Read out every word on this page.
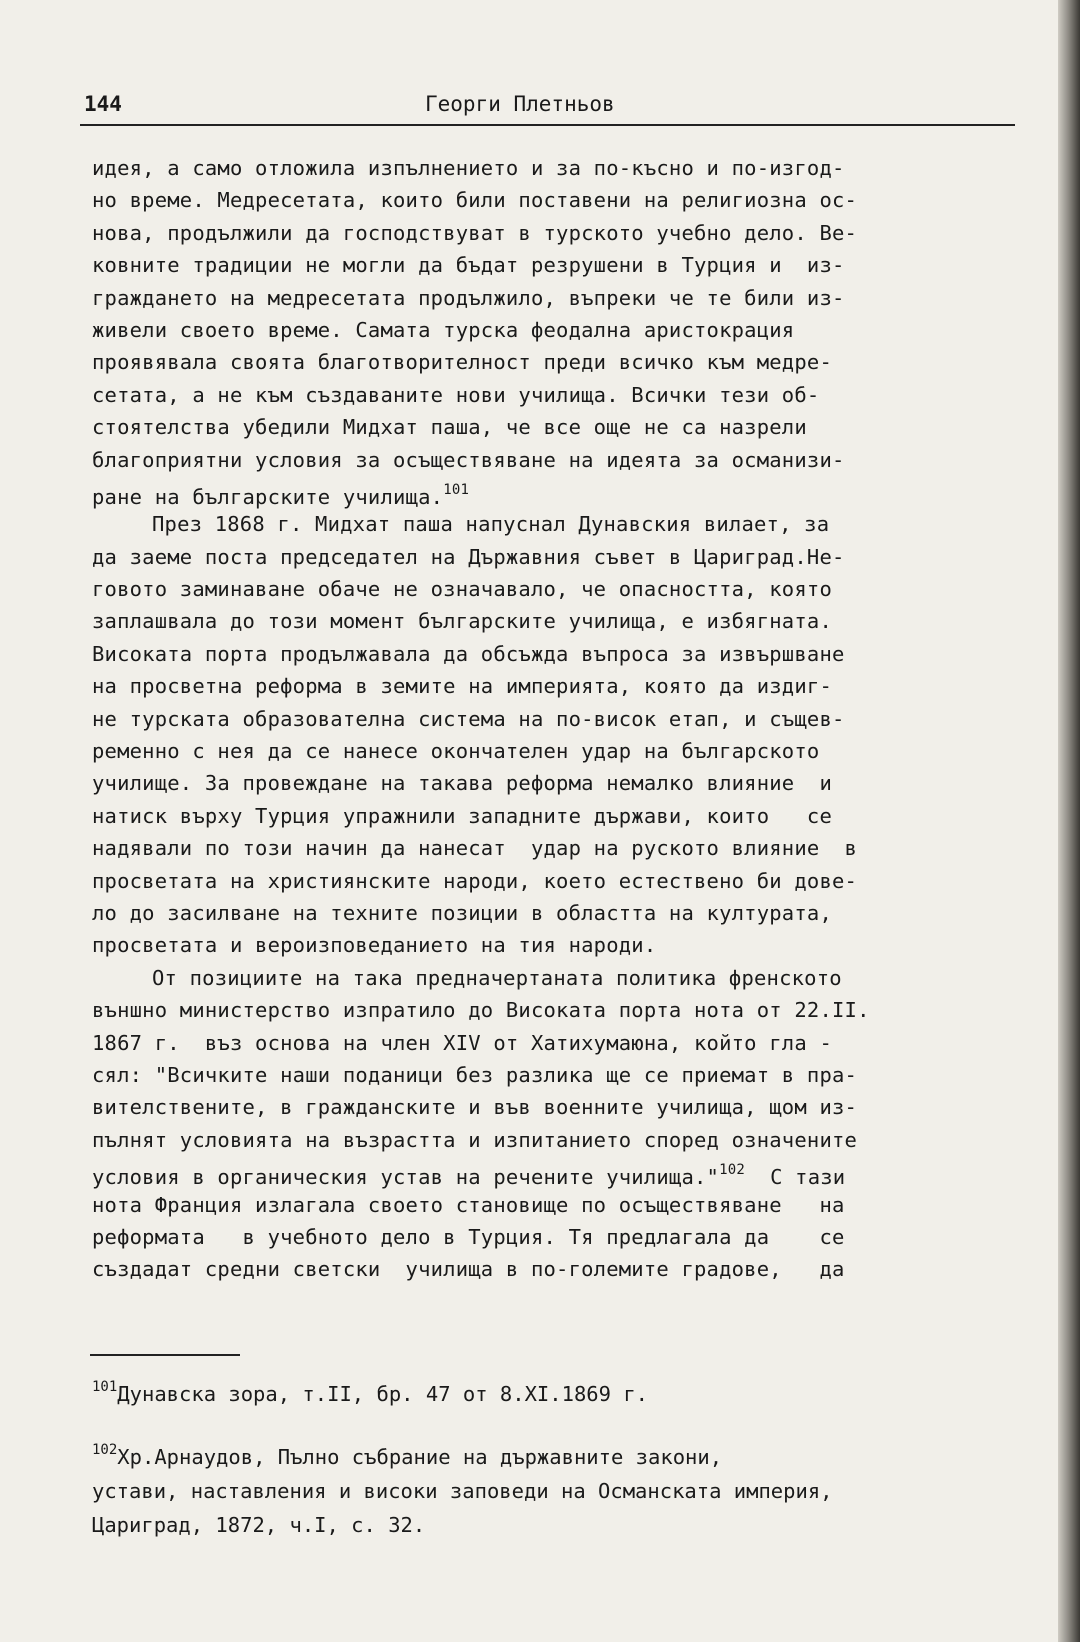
144	Георги Плетньов
идея, а само отложила изпълнението и за по-късно и по-изгод-
но време. Медресетата, които били поставени на религиозна ос-
нова, продължили да господствуват в турското учебно дело. Ве-
ковните традиции не могли да бъдат резрушени в Турция и  из-
граждането на медресетата продължило, въпреки че те били из-
живели своето време. Самата турска феодална аристокрация
проявявала своята благотворителност преди всичко към медре-
сетата, а не към създаваните нови училища. Всички тези об-
стоятелства убедили Мидхат паша, че все още не са назрели
благоприятни условия за осъществяване на идеята за османизи-
ране на българските училища.$^{101}$
През 1868 г. Мидхат паша напуснал Дунавския вилает, за
да заеме поста председател на Държавния съвет в Цариград.Не-
говото заминаване обаче не означавало, че опасността, която
заплашвала до този момент българските училища, е избягната.
Високата порта продължавала да обсъжда въпроса за извършване
на просветна реформа в земите на империята, която да издиг-
не турската образователна система на по-висок етап, и същев-
ременно с нея да се нанесе окончателен удар на българското
училище. За провеждане на такава реформа немалко влияние  и
натиск върху Турция упражнили западните държави, които   се
надявали по този начин да нанесат  удар на руското влияние  в
просветата на християнските народи, което естествено би дове-
ло до засилване на техните позиции в областта на културата,
просветата и вероизповеданието на тия народи.
От позициите на така предначертаната политика френското
външно министерство изпратило до Високата порта нота от 22.II.
1867 г.  въз основа на член XIV от Хатихумаюна, който гла -
сял: "Всичките наши поданици без разлика ще се приемат в пра-
вителствените, в гражданските и във военните училища, щом из-
пълнят условията на възрастта и изпитанието според означените
условия в органическия устав на речените училища."$^{102}$  С тази
нота Франция излагала своето становище по осъществяване   на
реформата   в учебното дело в Турция. Тя предлагала да    се
създадат средни светски  училища в по-големите градове,   да
$^{101}$Дунавска зора, т.II, бр. 47 от 8.XI.1869 г.
$^{102}$Хр.Арнаудов, Пълно събрание на държавните закони,
устави, наставления и високи заповеди на Османската империя,
Цариград, 1872, ч.I, с. 32.
